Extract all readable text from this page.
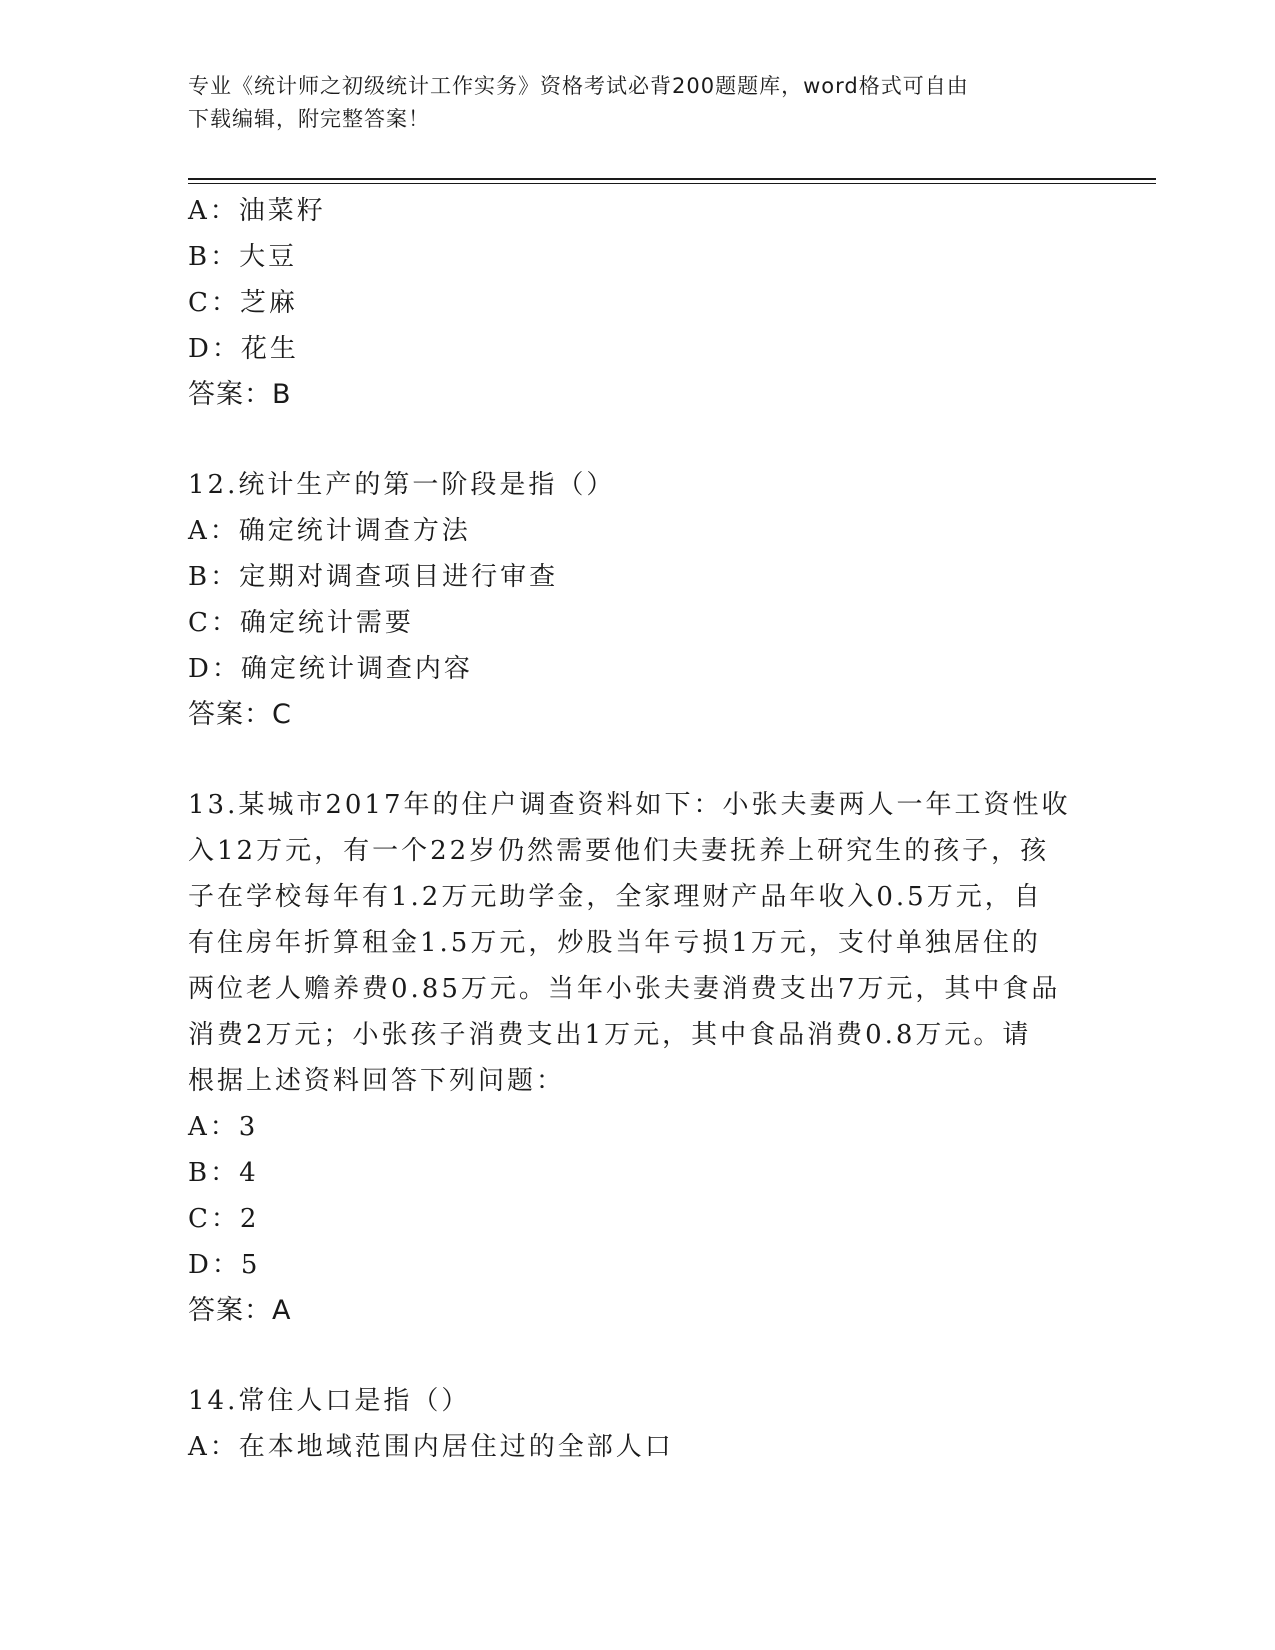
专业《统计师之初级统计工作实务》资格考试必背200题题库，word格式可自由
下载编辑，附完整答案！
A：油菜籽
B：大豆
C：芝麻
D：花生
答案：B
12.统计生产的第一阶段是指（）
A：确定统计调查方法
B：定期对调查项目进行审查
C：确定统计需要
D：确定统计调查内容
答案：C
13.某城市2017年的住户调查资料如下：小张夫妻两人一年工资性收
入12万元，有一个22岁仍然需要他们夫妻抚养上研究生的孩子，孩
子在学校每年有1.2万元助学金，全家理财产品年收入0.5万元，自
有住房年折算租金1.5万元，炒股当年亏损1万元，支付单独居住的
两位老人赡养费0.85万元。当年小张夫妻消费支出7万元，其中食品
消费2万元；小张孩子消费支出1万元，其中食品消费0.8万元。请
根据上述资料回答下列问题：
A：3
B：4
C：2
D：5
答案：A
14.常住人口是指（）
A：在本地域范围内居住过的全部人口
